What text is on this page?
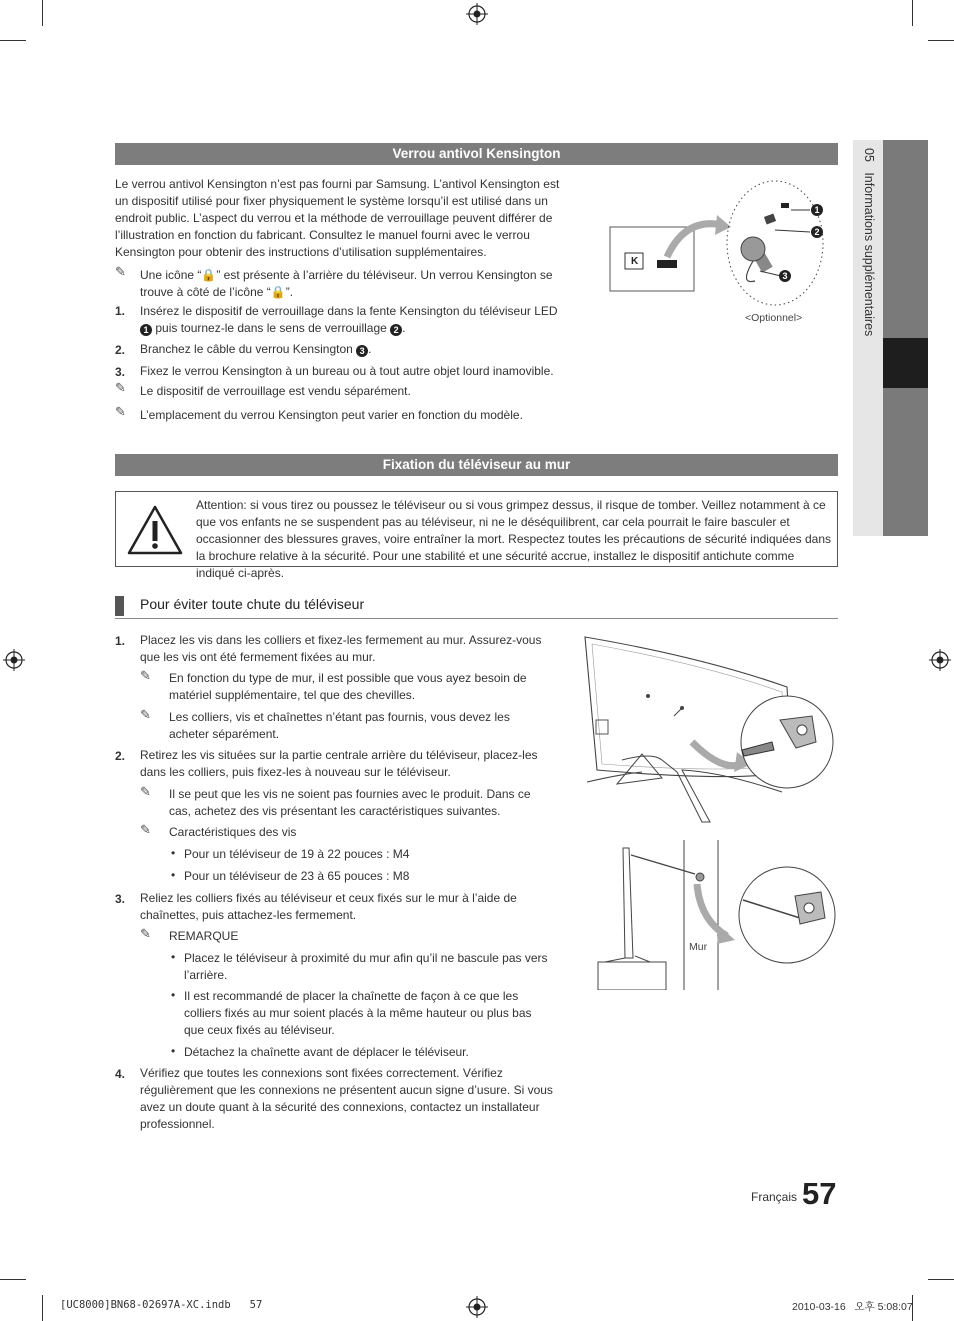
05   Informations supplémentaires
Verrou antivol Kensington
Le verrou antivol Kensington n’est pas fourni par Samsung. L’antivol Kensington est un dispositif utilisé pour fixer physiquement le système lorsqu’il est utilisé dans un endroit public. L’aspect du verrou et la méthode de verrouillage peuvent différer de l’illustration en fonction du fabricant. Consultez le manuel fourni avec le verrou Kensington pour obtenir des instructions d’utilisation supplémentaires.
✎ Une icône “🔒” est présente à l’arrière du téléviseur. Un verrou Kensington se trouve à côté de l’icône “🔒”.
1. Insérez le dispositif de verrouillage dans la fente Kensington du téléviseur LED 1 puis tournez-le dans le sens de verrouillage 2 .
2. Branchez le câble du verrou Kensington 3 .
3. Fixez le verrou Kensington à un bureau ou à tout autre objet lourd inamovible.
✎ Le dispositif de verrouillage est vendu séparément.
✎ L’emplacement du verrou Kensington peut varier en fonction du modèle.
K
1
2
3
<Optionnel>
Fixation du téléviseur au mur
Attention: si vous tirez ou poussez le téléviseur ou si vous grimpez dessus, il risque de tomber. Veillez notamment à ce que vos enfants ne se suspendent pas au téléviseur, ni ne le déséquilibrent, car cela pourrait le faire basculer et occasionner des blessures graves, voire entraîner la mort. Respectez toutes les précautions de sécurité indiquées dans la brochure relative à la sécurité. Pour une stabilité et une sécurité accrue, installez le dispositif antichute comme indiqué ci-après.
Pour éviter toute chute du téléviseur
1. Placez les vis dans les colliers et fixez-les fermement au mur. Assurez-vous que les vis ont été fermement fixées au mur.
✎ En fonction du type de mur, il est possible que vous ayez besoin de matériel supplémentaire, tel que des chevilles.
✎ Les colliers, vis et chaînettes n’étant pas fournis, vous devez les acheter séparément.
2. Retirez les vis situées sur la partie centrale arrière du téléviseur, placez-les dans les colliers, puis fixez-les à nouveau sur le téléviseur.
✎ Il se peut que les vis ne soient pas fournies avec le produit. Dans ce cas, achetez des vis présentant les caractéristiques suivantes.
✎ Caractéristiques des vis
• Pour un téléviseur de 19 à 22 pouces : M4
• Pour un téléviseur de 23 à 65 pouces : M8
3. Reliez les colliers fixés au téléviseur et ceux fixés sur le mur à l’aide de chaînettes, puis attachez-les fermement.
✎ REMARQUE
• Placez le téléviseur à proximité du mur afin qu’il ne bascule pas vers l’arrière.
• Il est recommandé de placer la chaînette de façon à ce que les colliers fixés au mur soient placés à la même hauteur ou plus bas que ceux fixés au téléviseur.
• Détachez la chaînette avant de déplacer le téléviseur.
4. Vérifiez que toutes les connexions sont fixées correctement. Vérifiez régulièrement que les connexions ne présentent aucun signe d’usure. Si vous avez un doute quant à la sécurité des connexions, contactez un installateur professionnel.
Mur
Français 57
[UC8000]BN68-02697A-XC.indb   57	2010-03-16   오후 5:08:07
